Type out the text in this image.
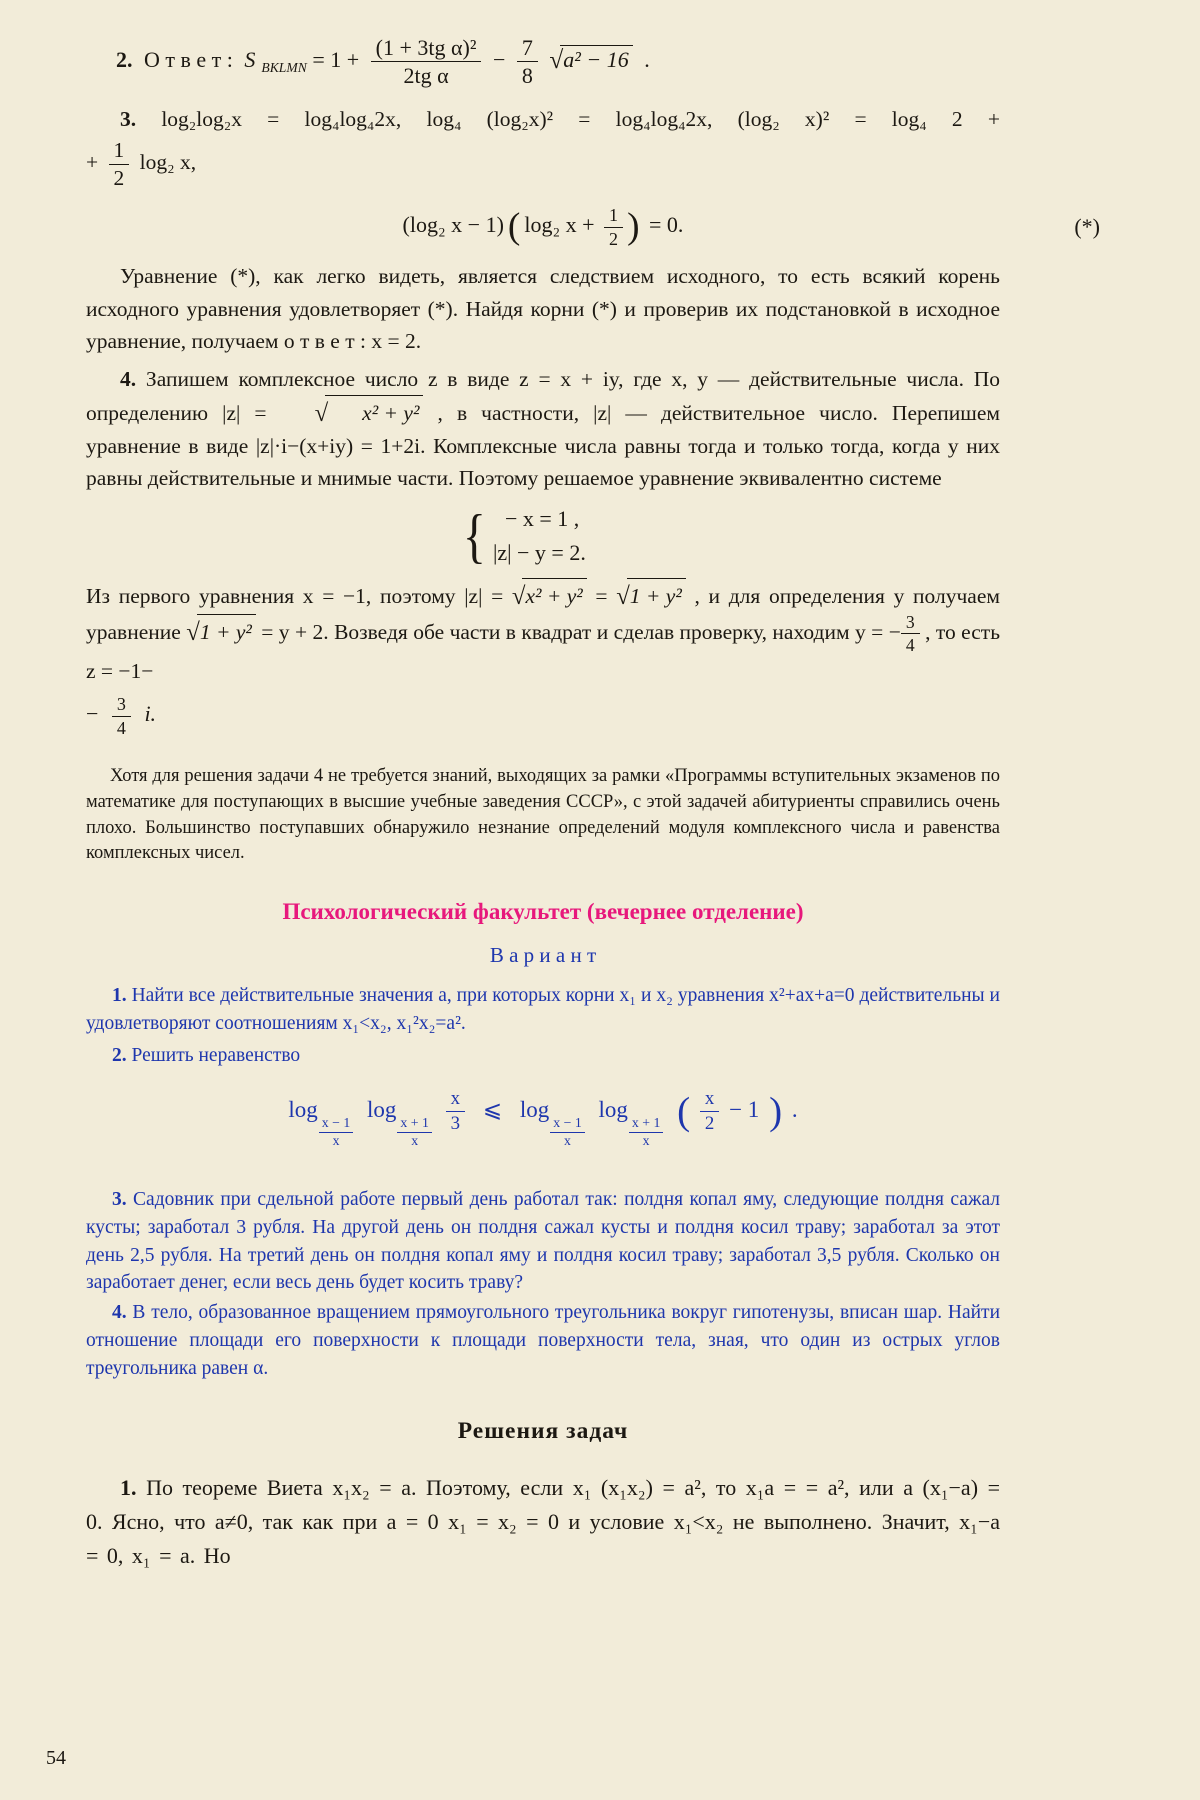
2. О т в е т : S $_{BKLMN} = 1 + \frac{\text{(1 + 3tg α)²}}{\text{2tg α}} - \frac{7}{8} √a^2 - 16$ .

3. log₂log₂x = log₄log₄2x, log₄ (log₂x)² = log₄log₄2x, (log₂ x)² = log₄ 2 +

+ $\frac{1}{2} \log_2$ x,
(log₂ x − 1) ( log₂ $x + \frac{1}{2}$ ) = 0.	(*)

Уравнение (*), как легко видеть, является следствием исходного, то есть всякий корень исходного уравнения удовлетворяет (*). Найдя корни (*) и проверив их подстановкой в исходное уравнение, получаем о т в е т : x = 2.

4. Запишем комплексное число z в виде z = x + iy, где x, y — действительные числа. По определению |z| = √ x² + y² , в частности, |z| — действительное число. Перепишем уравнение в виде |z|·i−(x+iy) = 1+2i. Комплексные числа равны тогда и только тогда, когда у них равны действительные и мнимые части. Поэтому решаемое уравнение эквивалентно системе

{ − x = 1 ,
|z| − y = 2.

Из первого уравнения x = −1, поэтому |z| = √x² + y² = √1 + y² , и для определения y получаем уравнение √1 + y² = y + 2. Возведя обе части в квадрат и сделав проверку, находим y = − $\frac{3}{4}$ , то есть z = −1−

− $\frac{3}{4} i$.

Хотя для решения задачи 4 не требуется знаний, выходящих за рамки «Программы вступительных экзаменов по математике для поступающих в высшие учебные заведения СССР», с этой задачей абитуриенты справились очень плохо. Большинство поступавших обнаружило незнание определений модуля комплексного числа и равенства комплексных чисел.

Психологический факультет (вечернее отделение)
В а р и а н т

1. Найти все действительные значения a, при которых корни x₁ и x₂ уравнения x²+ax+a=0 действительны и удовлетворяют соотношениям x₁<x₂, x₁²x₂=a².

2. Решить неравенство

log
$\frac{x - 1}{x}$
log
$\frac{x + 1}{x}$
$\frac{x}{3}$ ⩽ log
$\frac{x - 1}{x}$
log
$\frac{x + 1}{x}$ ( $\frac{x}{2} - 1$ ) .

3. Садовник при сдельной работе первый день работал так: полдня копал яму, следующие полдня сажал кусты; заработал 3 рубля. На другой день он полдня сажал кусты и полдня косил траву; заработал за этот день 2,5 рубля. На третий день он полдня копал яму и полдня косил траву; заработал 3,5 рубля. Сколько он заработает денег, если весь день будет косить траву?

4. В тело, образованное вращением прямоугольного треугольника вокруг гипотенузы, вписан шар. Найти отношение площади его поверхности к площади поверхности тела, зная, что один из острых углов треугольника равен α.

Решения задач

1. По теореме Виета x₁x₂ = a. Поэтому, если x₁ (x₁x₂) = a², то x₁a = = a², или a (x₁−a) = 0. Ясно, что a≠0, так как при a = 0 x₁ = x₂ = 0 и условие x₁<x₂ не выполнено. Значит, x₁−a = 0, x₁ = a. Но

54
